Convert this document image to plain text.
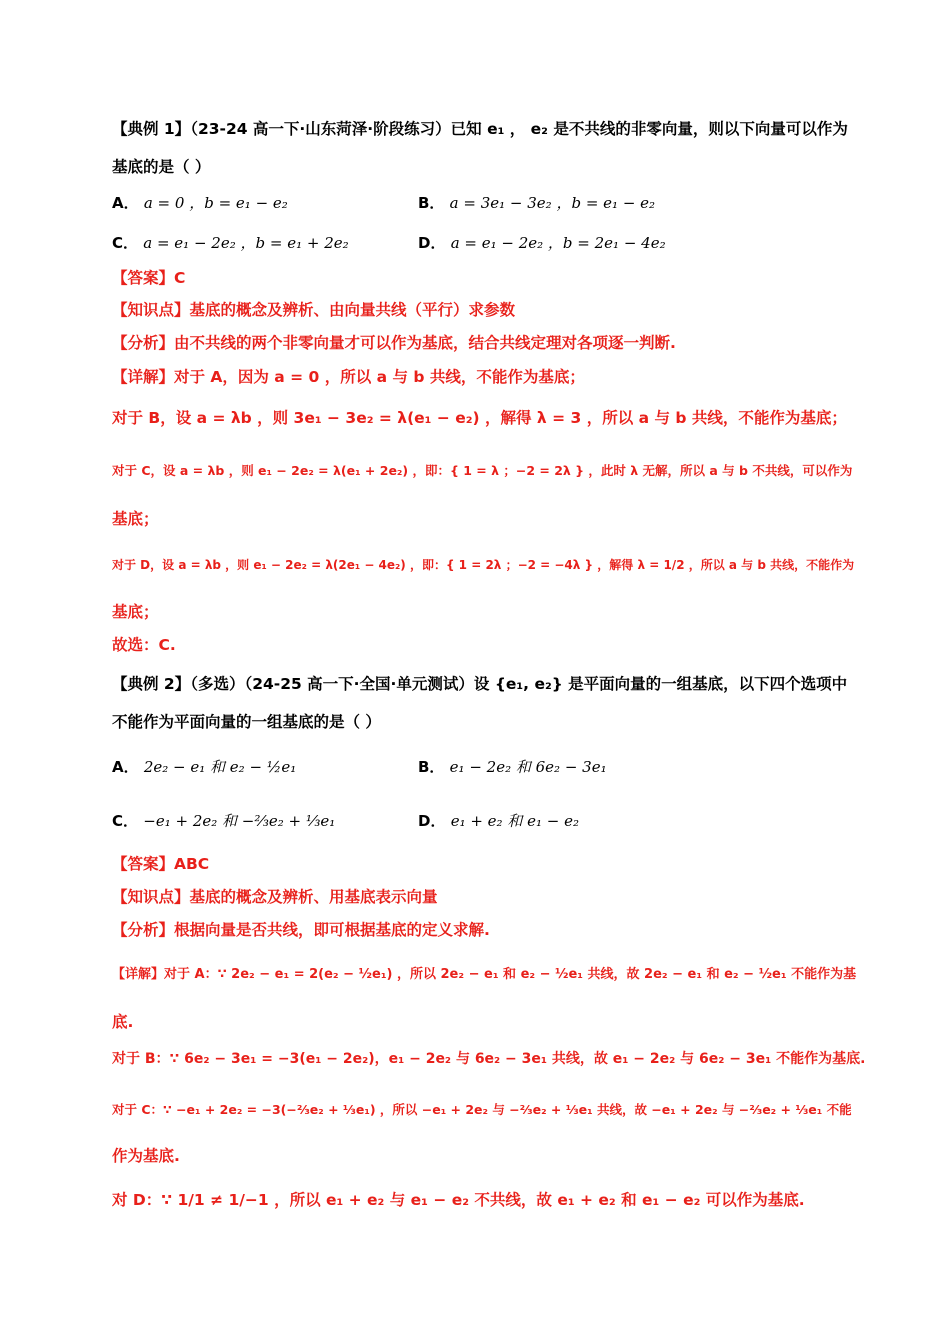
【典例 1】（23-24 高一下·山东菏泽·阶段练习）已知 e₁ ， e₂ 是不共线的非零向量，则以下向量可以作为
基底的是（ ）
A． a = 0 ，b = e₁ − e₂	B． a = 3e₁ − 3e₂ ，b = e₁ − e₂
C． a = e₁ − 2e₂ ，b = e₁ + 2e₂	D． a = e₁ − 2e₂ ，b = 2e₁ − 4e₂
【答案】C
【知识点】基底的概念及辨析、由向量共线（平行）求参数
【分析】由不共线的两个非零向量才可以作为基底，结合共线定理对各项逐一判断.
【详解】对于 A，因为 a = 0 ，所以 a 与 b 共线，不能作为基底；
对于 B，设 a = λb ，则 3e₁ − 3e₂ = λ(e₁ − e₂) ，解得 λ = 3 ，所以 a 与 b 共线，不能作为基底；
对于 C，设 a = λb ，则 e₁ − 2e₂ = λ(e₁ + 2e₂) ，即：{ 1 = λ ；−2 = 2λ } ，此时 λ 无解，所以 a 与 b 不共线，可以作为
基底；
对于 D，设 a = λb ，则 e₁ − 2e₂ = λ(2e₁ − 4e₂) ，即：{ 1 = 2λ ；−2 = −4λ } ，解得 λ = 1/2 ，所以 a 与 b 共线，不能作为
基底；
故选：C.
【典例 2】（多选）（24-25 高一下·全国·单元测试）设 {e₁, e₂} 是平面向量的一组基底，以下四个选项中
不能作为平面向量的一组基底的是（ ）
A． 2e₂ − e₁ 和 e₂ − ½e₁	B． e₁ − 2e₂ 和 6e₂ − 3e₁
C． −e₁ + 2e₂ 和 −⅔e₂ + ⅓e₁	D． e₁ + e₂ 和 e₁ − e₂
【答案】ABC
【知识点】基底的概念及辨析、用基底表示向量
【分析】根据向量是否共线，即可根据基底的定义求解.
【详解】对于 A：∵ 2e₂ − e₁ = 2(e₂ − ½e₁) ，所以 2e₂ − e₁ 和 e₂ − ½e₁ 共线，故 2e₂ − e₁ 和 e₂ − ½e₁ 不能作为基
底.
对于 B：∵ 6e₂ − 3e₁ = −3(e₁ − 2e₂)，e₁ − 2e₂ 与 6e₂ − 3e₁ 共线，故 e₁ − 2e₂ 与 6e₂ − 3e₁ 不能作为基底.
对于 C：∵ −e₁ + 2e₂ = −3(−⅔e₂ + ⅓e₁) ，所以 −e₁ + 2e₂ 与 −⅔e₂ + ⅓e₁ 共线，故 −e₁ + 2e₂ 与 −⅔e₂ + ⅓e₁ 不能
作为基底.
对 D：∵ 1/1 ≠ 1/−1 ，所以 e₁ + e₂ 与 e₁ − e₂ 不共线，故 e₁ + e₂ 和 e₁ − e₂ 可以作为基底.
